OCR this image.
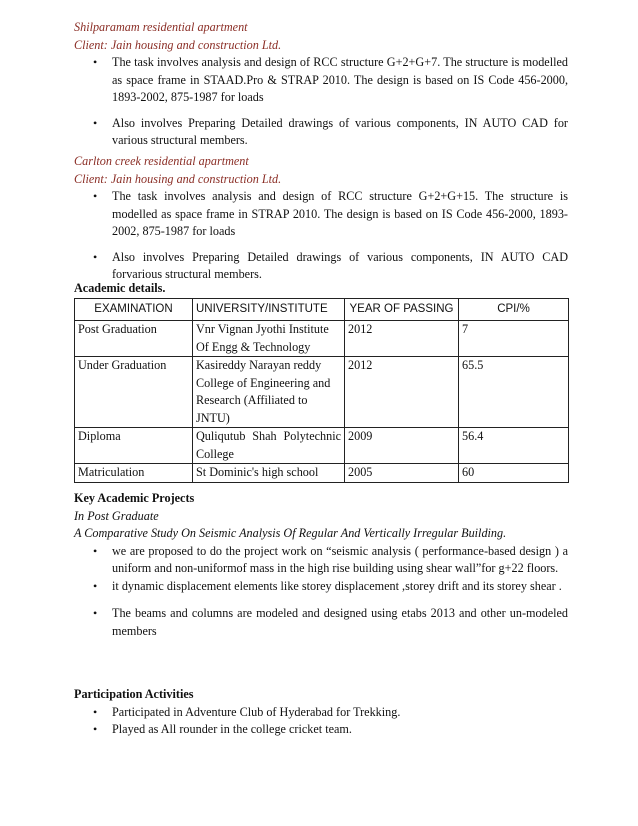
Shilparamam residential apartment
Client: Jain housing and construction Ltd.
• The task involves analysis and design of RCC structure G+2+G+7. The structure is modelled as space frame in STAAD.Pro & STRAP 2010. The design is based on IS Code 456-2000, 1893-2002, 875-1987 for loads
• Also involves Preparing Detailed drawings of various components, IN AUTO CAD for various structural members.
Carlton creek residential apartment
Client: Jain housing and construction Ltd.
• The task involves analysis and design of RCC structure G+2+G+15. The structure is modelled as space frame in STRAP 2010. The design is based on IS Code 456-2000, 1893-2002, 875-1987 for loads
• Also involves Preparing Detailed drawings of various components, IN AUTO CAD forvarious structural members.
Academic details.
EXAMINATION	UNIVERSITY/INSTITUTE	YEAR OF PASSING	CPI/%
Post Graduation	Vnr Vignan Jyothi Institute Of Engg & Technology	2012	7
Under Graduation	Kasireddy Narayan reddy College of Engineering and Research (Affiliated to JNTU)	2012	65.5
Diploma	Quliqutub Shah Polytechnic College	2009	56.4
Matriculation	St Dominic's high school	2005	60
Key Academic Projects
In Post Graduate
A Comparative Study On Seismic Analysis Of Regular And Vertically Irregular Building.
• we are proposed to do the project work on “seismic analysis ( performance-based design ) a uniform and non-uniformof mass in the high rise building using shear wall”for g+22 floors.
• it dynamic displacement elements like storey displacement ,storey drift and its storey shear .
• The beams and columns are modeled and designed using etabs 2013 and other un-modeled members
Participation Activities
• Participated in Adventure Club of Hyderabad for Trekking.
• Played as All rounder in the college cricket team.
